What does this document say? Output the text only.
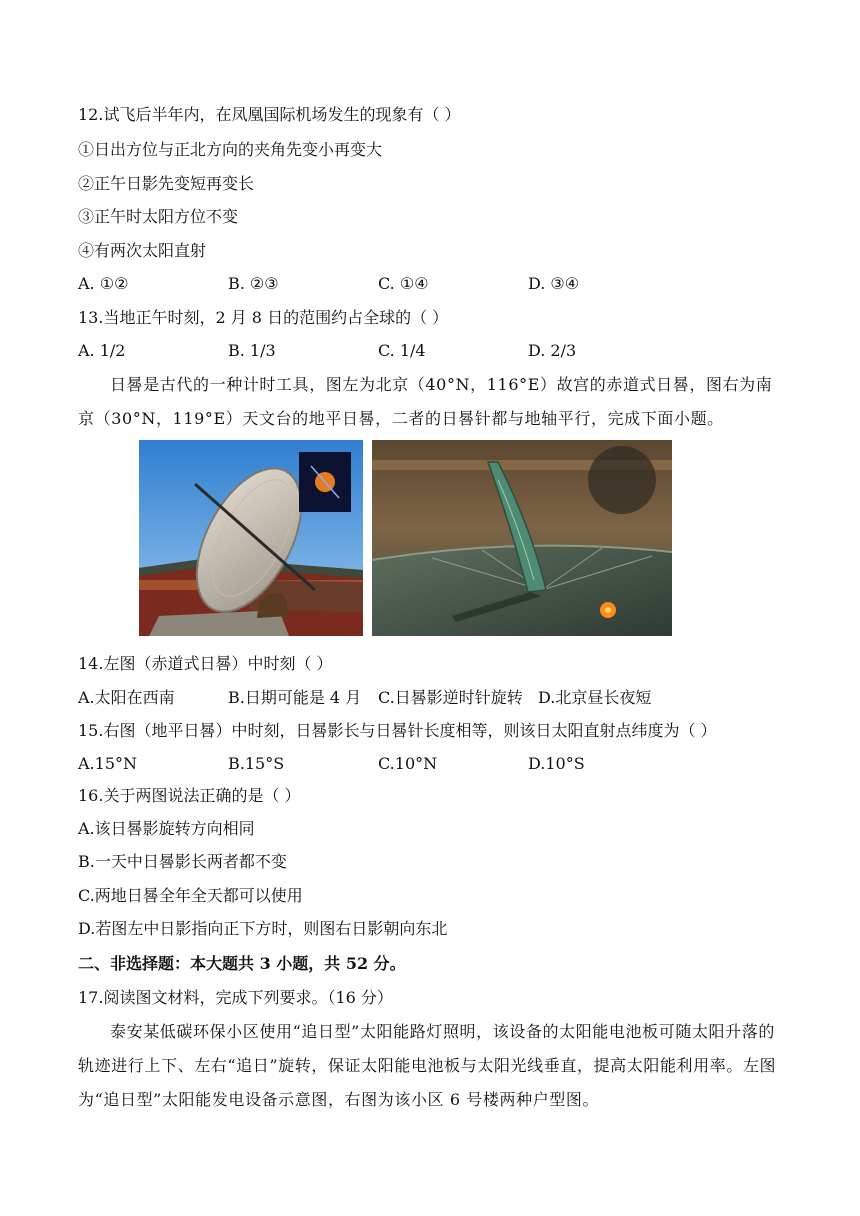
12.试飞后半年内，在凤凰国际机场发生的现象有（ ）
①日出方位与正北方向的夹角先变小再变大
②正午日影先变短再变长
③正午时太阳方位不变
④有两次太阳直射
A. ①②	B. ②③	C. ①④	D. ③④
13.当地正午时刻，2 月 8 日的范围约占全球的（ ）
A. 1/2	B. 1/3	C. 1/4	D. 2/3
日晷是古代的一种计时工具，图左为北京（40°N，116°E）故宫的赤道式日晷，图右为南京（30°N，119°E）天文台的地平日晷，二者的日晷针都与地轴平行，完成下面小题。
14.左图（赤道式日晷）中时刻（ ）
A.太阳在西南	B.日期可能是 4 月 C.日晷影逆时针旋转 D.北京昼长夜短
15.右图（地平日晷）中时刻，日晷影长与日晷针长度相等，则该日太阳直射点纬度为（ ）
A.15°N	B.15°S	C.10°N	D.10°S
16.关于两图说法正确的是（ ）
A.该日晷影旋转方向相同
B.一天中日晷影长两者都不变
C.两地日晷全年全天都可以使用
D.若图左中日影指向正下方时，则图右日影朝向东北
二、非选择题：本大题共 3 小题，共 52 分。
17.阅读图文材料，完成下列要求。（16 分）
泰安某低碳环保小区使用“追日型”太阳能路灯照明，该设备的太阳能电池板可随太阳升落的轨迹进行上下、左右“追日”旋转，保证太阳能电池板与太阳光线垂直，提高太阳能利用率。左图为“追日型”太阳能发电设备示意图，右图为该小区 6 号楼两种户型图。
